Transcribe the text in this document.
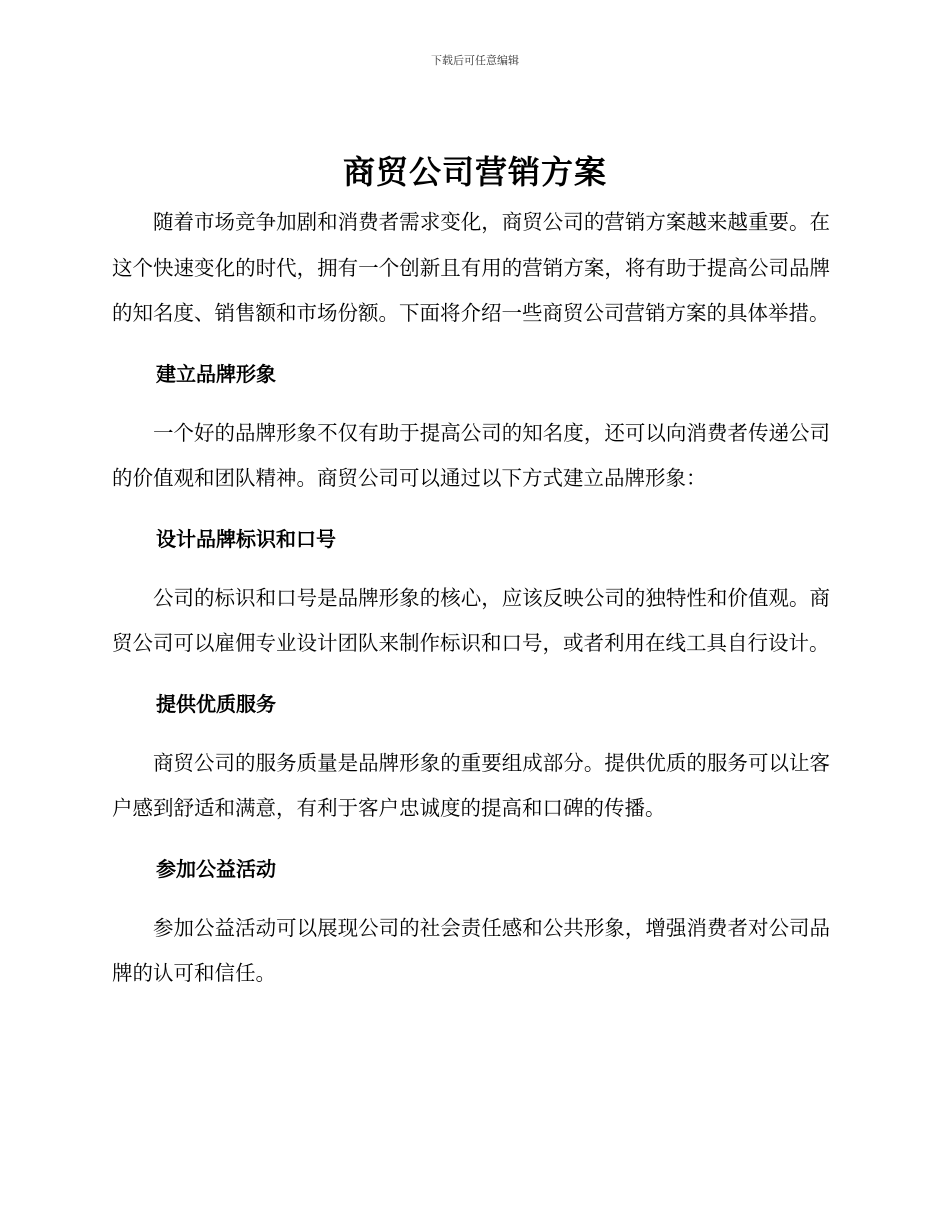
下载后可任意编辑
商贸公司营销方案

随着市场竞争加剧和消费者需求变化，商贸公司的营销方案越来越重要。在这个快速变化的时代，拥有一个创新且有用的营销方案，将有助于提高公司品牌的知名度、销售额和市场份额。下面将介绍一些商贸公司营销方案的具体举措。

建立品牌形象

一个好的品牌形象不仅有助于提高公司的知名度，还可以向消费者传递公司的价值观和团队精神。商贸公司可以通过以下方式建立品牌形象：

设计品牌标识和口号

公司的标识和口号是品牌形象的核心，应该反映公司的独特性和价值观。商贸公司可以雇佣专业设计团队来制作标识和口号，或者利用在线工具自行设计。

提供优质服务

商贸公司的服务质量是品牌形象的重要组成部分。提供优质的服务可以让客户感到舒适和满意，有利于客户忠诚度的提高和口碑的传播。

参加公益活动

参加公益活动可以展现公司的社会责任感和公共形象，增强消费者对公司品牌的认可和信任。
